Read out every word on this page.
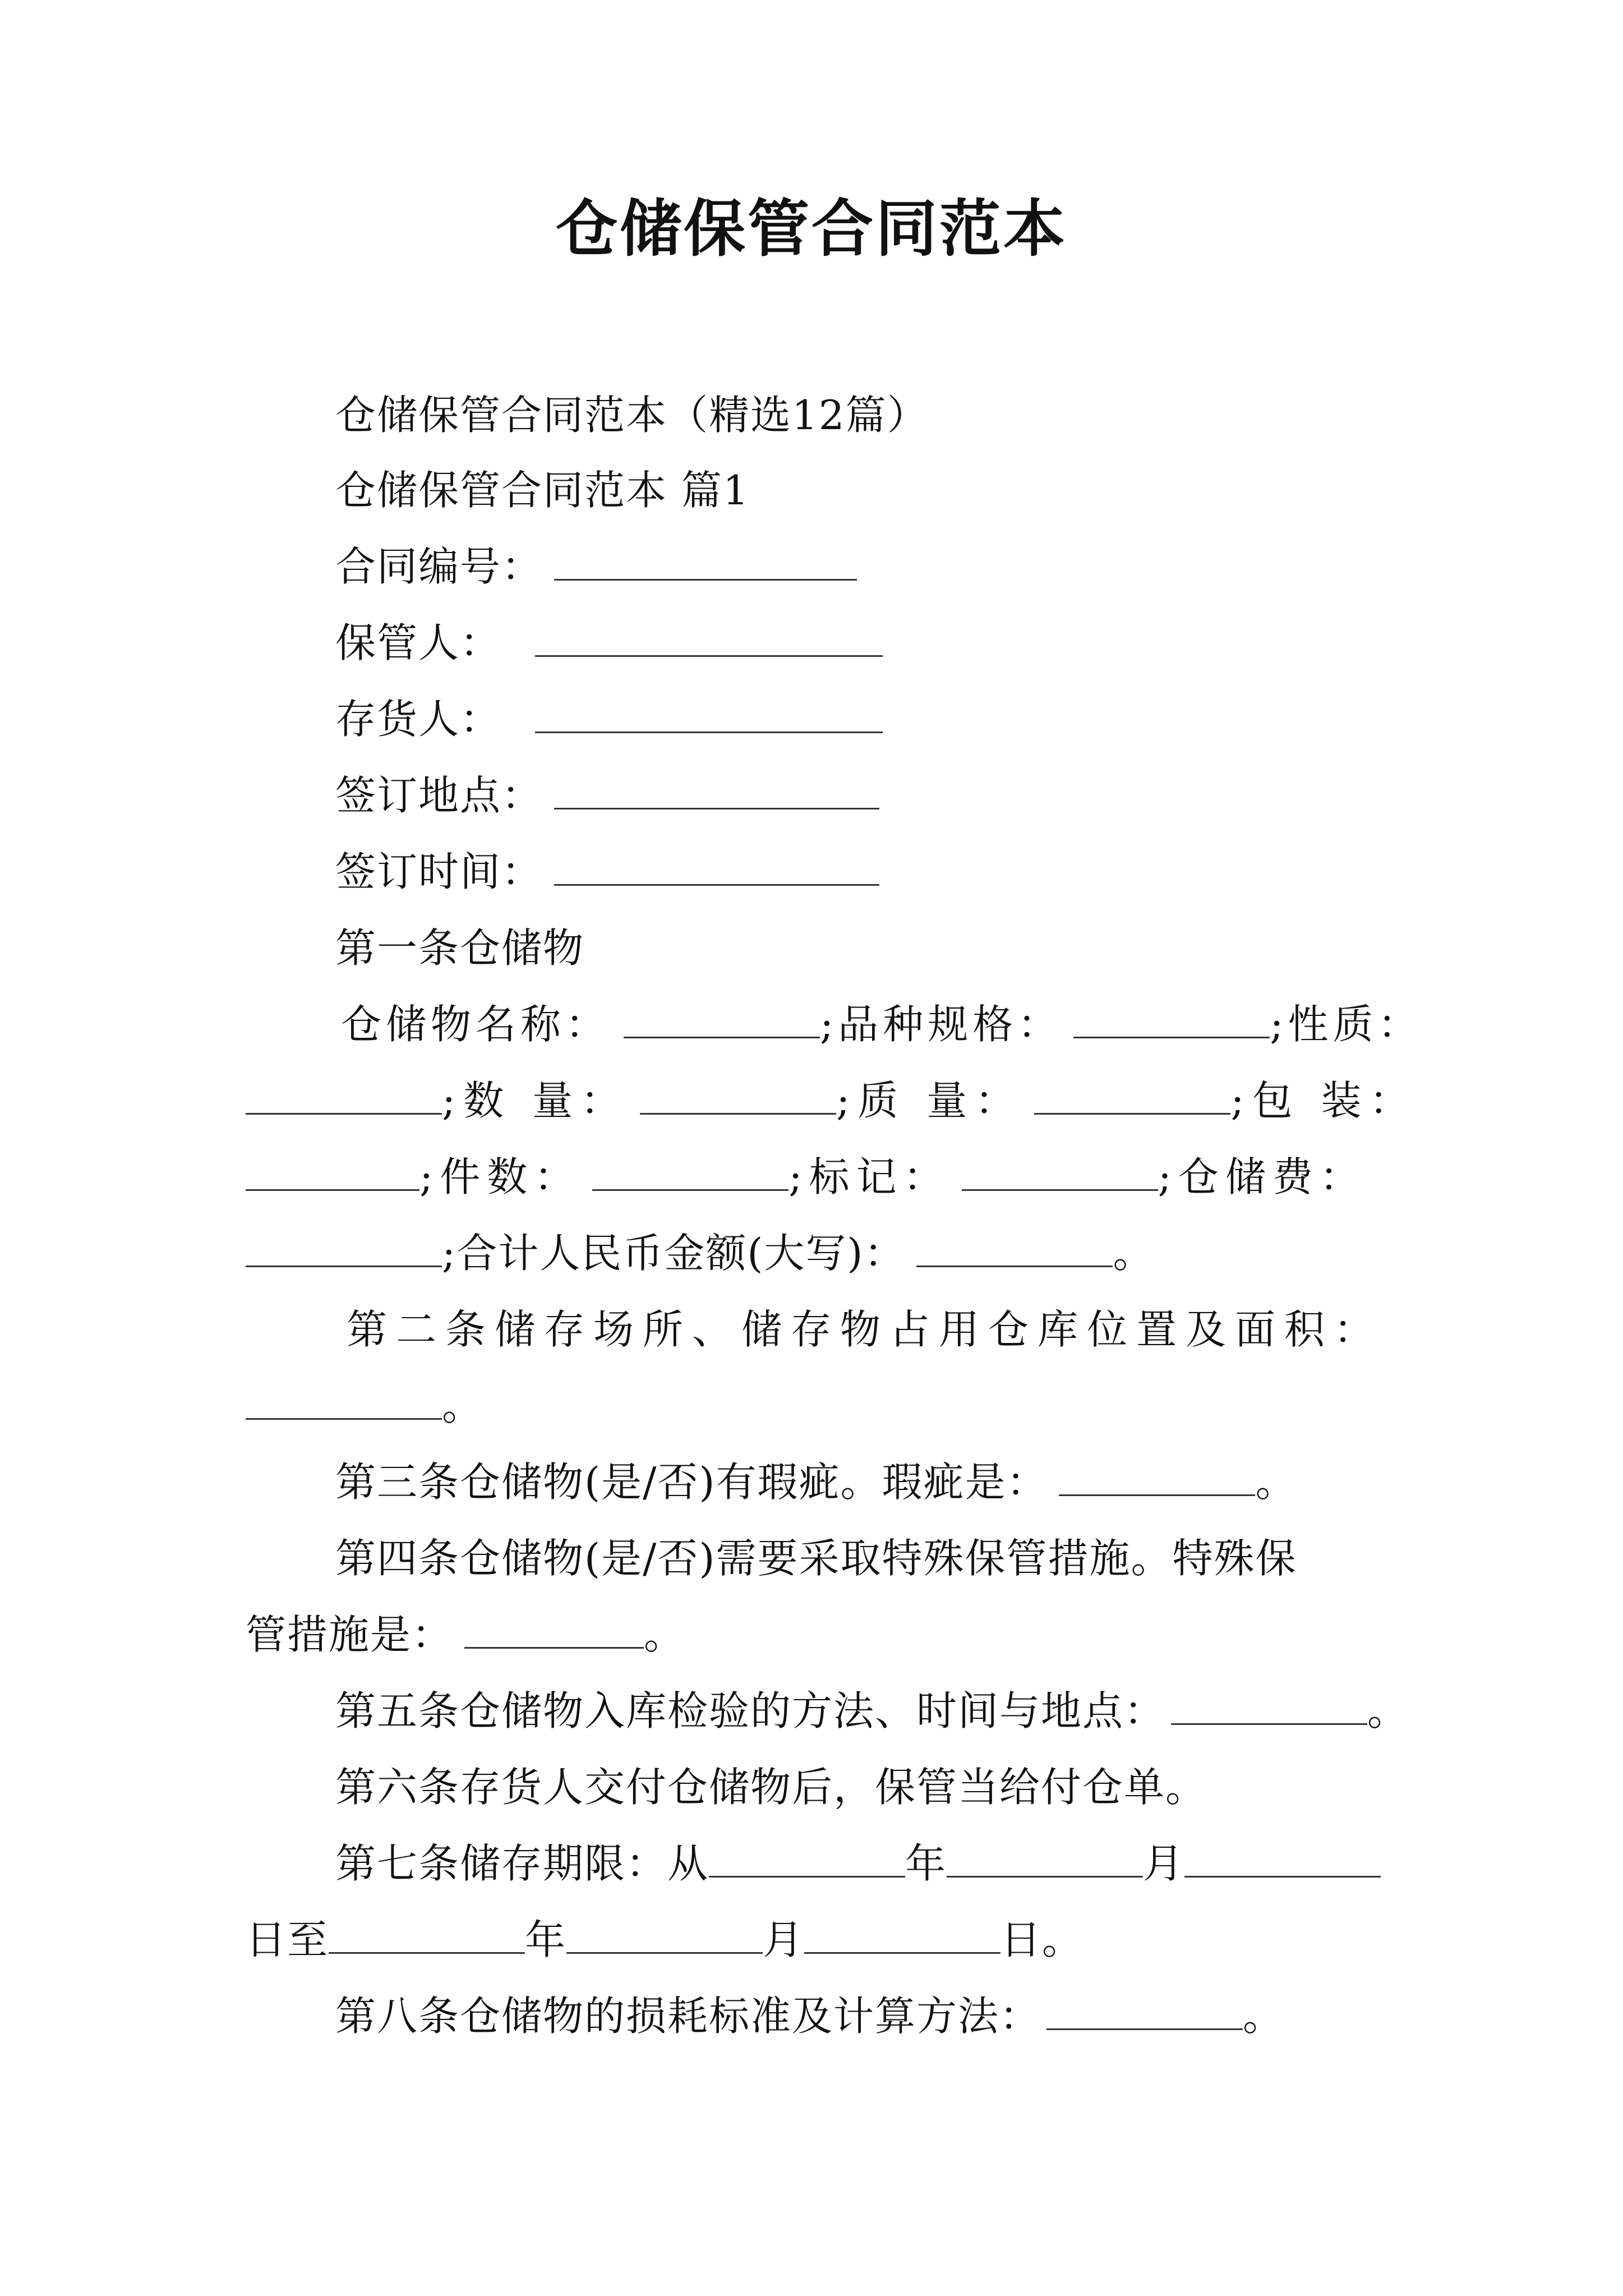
仓储保管合同范本
仓储保管合同范本（精选12篇）
仓储保管合同范本 篇1
合同编号：
保管人：
存货人：
签订地点：
签订时间：
第一条仓储物
仓储物名称：	;品种规格：	;性质：
;数 量：	;质 量：	;包 装：
;件数：	;标记：	;仓储费：
;合计人民币金额(大写)：	。
第二条储存场所、储存物占用仓库位置及面积：
。
第三条仓储物(是/否)有瑕疵。瑕疵是：	。
第四条仓储物(是/否)需要采取特殊保管措施。特殊保
管措施是：	。
第五条仓储物入库检验的方法、时间与地点：	。
第六条存货人交付仓储物后，保管当给付仓单。
第七条储存期限：从	年	月
日至	年	月	日。
第八条仓储物的损耗标准及计算方法：	。
